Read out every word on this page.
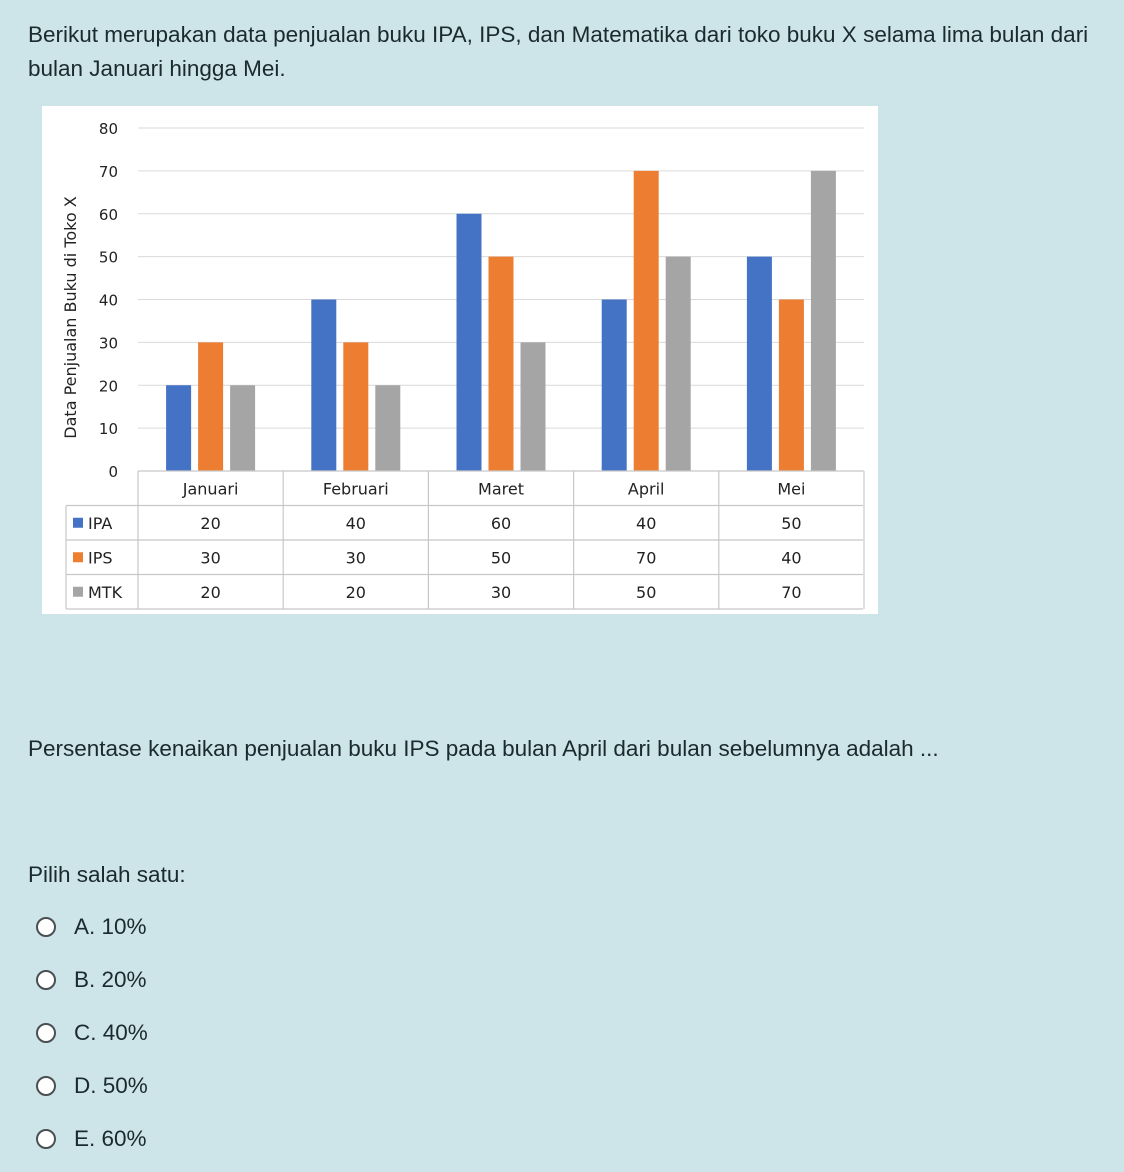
Berikut merupakan data penjualan buku IPA, IPS, dan Matematika dari toko buku X selama lima bulan dari bulan Januari hingga Mei.

0
10
20
30
40
50
60
70
80
Data Penjualan Buku di Toko X
Januari	Februari	Maret	April	Mei
IPA	20	40	60	40	50
IPS	30	30	50	70	40
MTK	20	20	30	50	70

Persentase kenaikan penjualan buku IPS pada bulan April dari bulan sebelumnya adalah ...

Pilih salah satu:

A. 10%
B. 20%
C. 40%
D. 50%
E. 60%
